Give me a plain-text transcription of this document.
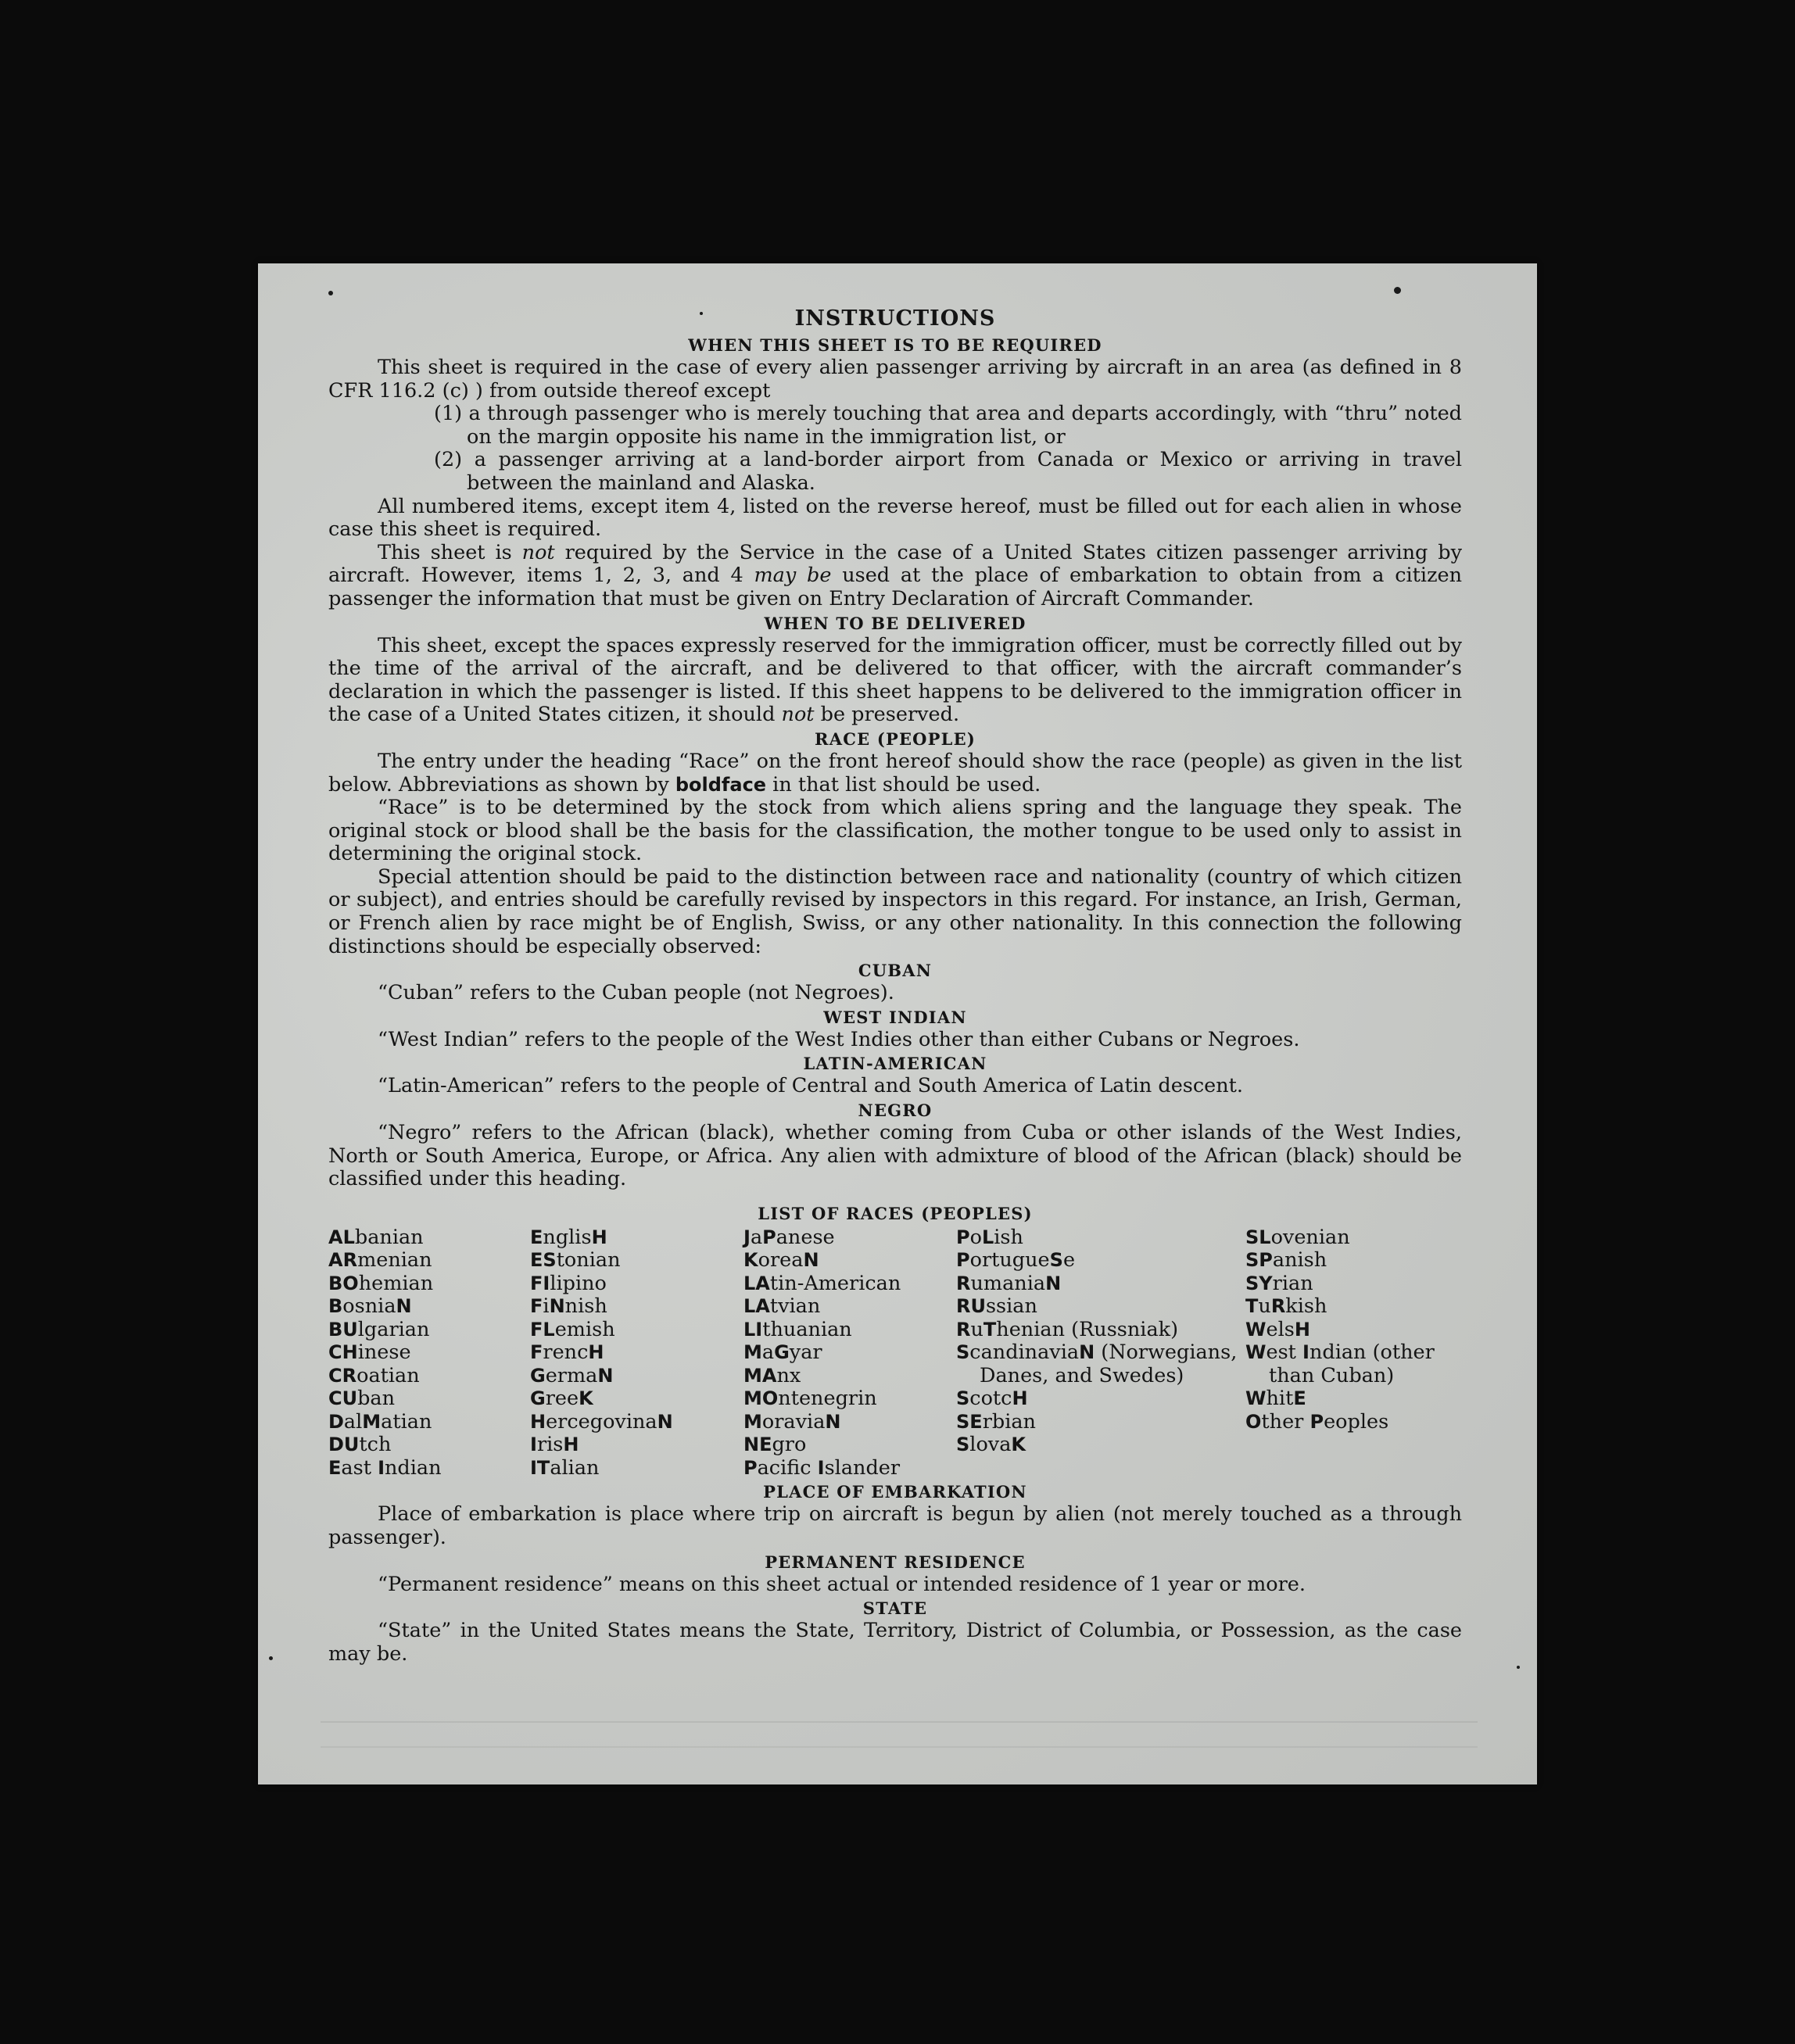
INSTRUCTIONS
WHEN THIS SHEET IS TO BE REQUIRED

This sheet is required in the case of every alien passenger arriving by aircraft in an area (as defined in 8 CFR 116.2 (c) ) from outside thereof except

(1) a through passenger who is merely touching that area and departs accordingly, with “thru” noted on the margin opposite his name in the immigration list, or

(2) a passenger arriving at a land-border airport from Canada or Mexico or arriving in travel between the mainland and Alaska.

All numbered items, except item 4, listed on the reverse hereof, must be filled out for each alien in whose case this sheet is required.

This sheet is not required by the Service in the case of a United States citizen passenger arriving by aircraft. However, items 1, 2, 3, and 4 may be used at the place of embarkation to obtain from a citizen passenger the information that must be given on Entry Declaration of Aircraft Commander.

WHEN TO BE DELIVERED

This sheet, except the spaces expressly reserved for the immigration officer, must be correctly filled out by the time of the arrival of the aircraft, and be delivered to that officer, with the aircraft commander’s declaration in which the passenger is listed. If this sheet happens to be delivered to the immigration officer in the case of a United States citizen, it should not be preserved.

RACE (PEOPLE)

The entry under the heading “Race” on the front hereof should show the race (people) as given in the list below. Abbreviations as shown by boldface in that list should be used.

“Race” is to be determined by the stock from which aliens spring and the language they speak. The original stock or blood shall be the basis for the classification, the mother tongue to be used only to assist in determining the original stock.

Special attention should be paid to the distinction between race and nationality (country of which citizen or subject), and entries should be carefully revised by inspectors in this regard. For instance, an Irish, German, or French alien by race might be of English, Swiss, or any other nationality. In this connection the following distinctions should be especially observed:

CUBAN

“Cuban” refers to the Cuban people (not Negroes).

WEST INDIAN

“West Indian” refers to the people of the West Indies other than either Cubans or Negroes.

LATIN-AMERICAN

“Latin-American” refers to the people of Central and South America of Latin descent.

NEGRO

“Negro” refers to the African (black), whether coming from Cuba or other islands of the West Indies, North or South America, Europe, or Africa. Any alien with admixture of blood of the African (black) should be classified under this heading.

LIST OF RACES (PEOPLES)
ALbanian
ARmenian
BOhemian
BosniaN
BUlgarian
CHinese
CRoatian
CUban
DalMatian
DUtch
East Indian
EnglisH
EStonian
FIlipino
FiNnish
FLemish
FrencH
GermaN
GreeK
HercegovinaN
IrisH
ITalian
JaPanese
KoreaN
LAtin-American
LAtvian
LIthuanian
MaGyar
MAnx
MOntenegrin
MoraviaN
NEgro
Pacific Islander
PoLish
PortugueSe
RumaniaN
RUssian
RuThenian (Russniak)
ScandinaviaN (Norwegians, Danes, and Swedes)
ScotcH
SErbian
SlovaK
SLovenian
SPanish
SYrian
TuRkish
WelsH
West Indian (other than Cuban)
WhitE
Other Peoples
PLACE OF EMBARKATION

Place of embarkation is place where trip on aircraft is begun by alien (not merely touched as a through passenger).

PERMANENT RESIDENCE

“Permanent residence” means on this sheet actual or intended residence of 1 year or more.

STATE

“State” in the United States means the State, Territory, District of Columbia, or Possession, as the case may be.
